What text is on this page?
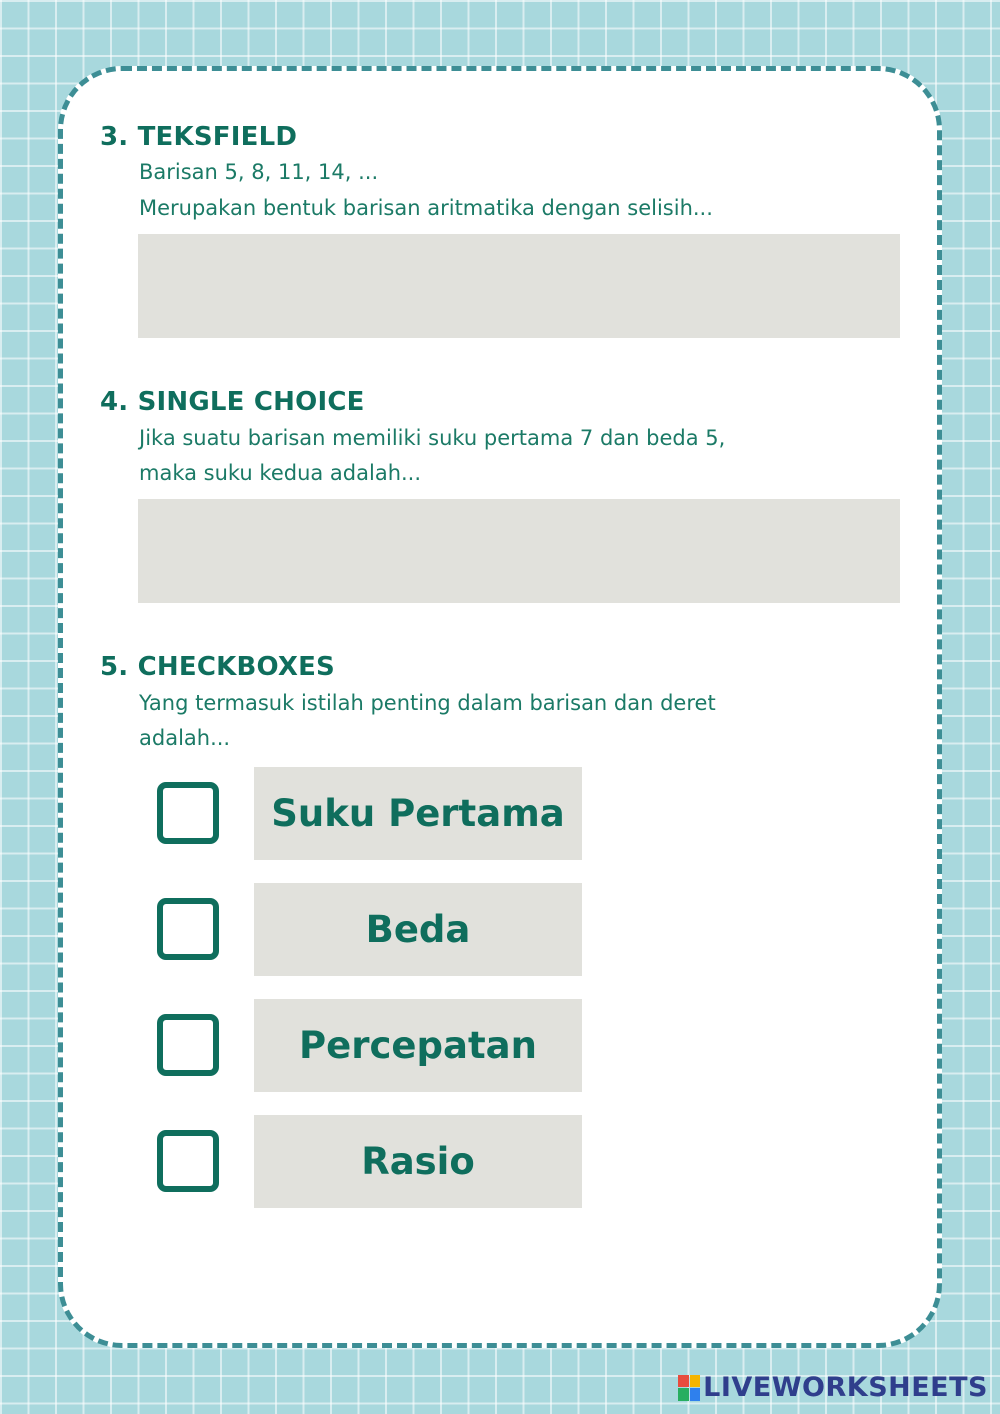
3. TEKSFIELD

Barisan 5, 8, 11, 14, ...

Merupakan bentuk barisan aritmatika dengan selisih...

4. SINGLE CHOICE

Jika suatu barisan memiliki suku pertama 7 dan beda 5,

maka suku kedua adalah...

5. CHECKBOXES

Yang termasuk istilah penting dalam barisan dan deret

adalah...

Suku Pertama
Beda
Percepatan
Rasio
LIVEWORKSHEETS
